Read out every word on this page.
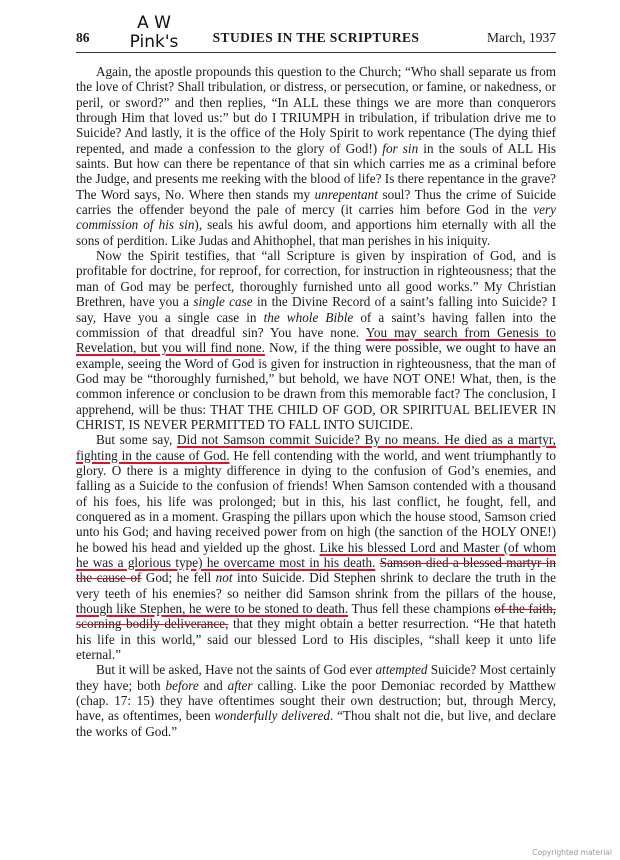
86	STUDIES IN THE SCRIPTURES	March, 1937
A W
Pink's

Again, the apostle propounds this question to the Church; “Who shall separate us from the love of Christ? Shall tribulation, or distress, or persecution, or famine, or nakedness, or peril, or sword?” and then replies, “In ALL these things we are more than conquerors through Him that loved us:” but do I TRIUMPH in tribulation, if tribulation drive me to Suicide? And lastly, it is the office of the Holy Spirit to work repentance (The dying thief repented, and made a confession to the glory of God!) for sin in the souls of ALL His saints. But how can there be repentance of that sin which carries me as a criminal before the Judge, and presents me reeking with the blood of life? Is there repentance in the grave? The Word says, No. Where then stands my unrepentant soul? Thus the crime of Suicide carries the offender beyond the pale of mercy (it carries him before God in the very commission of his sin), seals his awful doom, and apportions him eternally with all the sons of perdition. Like Judas and Ahithophel, that man perishes in his iniquity.

Now the Spirit testifies, that “all Scripture is given by inspiration of God, and is profitable for doctrine, for reproof, for correction, for instruction in righteousness; that the man of God may be perfect, thoroughly furnished unto all good works.” My Christian Brethren, have you a single case in the Divine Record of a saint’s falling into Suicide? I say, Have you a single case in the whole Bible of a saint’s having fallen into the commission of that dreadful sin? You have none. You may search from Genesis to Revelation, but you will find none. Now, if the thing were possible, we ought to have an example, seeing the Word of God is given for instruction in righteousness, that the man of God may be “thoroughly furnished,” but behold, we have NOT ONE! What, then, is the common inference or conclusion to be drawn from this memorable fact? The conclusion, I apprehend, will be thus: THAT THE CHILD OF GOD, OR SPIRITUAL BELIEVER IN CHRIST, IS NEVER PERMITTED TO FALL INTO SUICIDE.

But some say, Did not Samson commit Suicide? By no means. He died as a martyr, fighting in the cause of God. He fell contending with the world, and went triumphantly to glory. O there is a mighty difference in dying to the confusion of God’s enemies, and falling as a Suicide to the confusion of friends! When Samson contended with a thousand of his foes, his life was prolonged; but in this, his last conflict, he fought, fell, and conquered as in a moment. Grasping the pillars upon which the house stood, Samson cried unto his God; and having received power from on high (the sanction of the HOLY ONE!) he bowed his head and yielded up the ghost. Like his blessed Lord and Master (of whom he was a glorious type) he overcame most in his death. Samson died a blessed martyr in the cause of God; he fell not into Suicide. Did Stephen shrink to declare the truth in the very teeth of his enemies? so neither did Samson shrink from the pillars of the house, though like Stephen, he were to be stoned to death. Thus fell these champions of the faith, scorning bodily deliverance, that they might obtain a better resurrection. “He that hateth his life in this world,” said our blessed Lord to His disciples, “shall keep it unto life eternal.”

But it will be asked, Have not the saints of God ever attempted Suicide? Most certainly they have; both before and after calling. Like the poor Demoniac recorded by Matthew (chap. 17: 15) they have oftentimes sought their own destruction; but, through Mercy, have, as oftentimes, been wonderfully delivered. “Thou shalt not die, but live, and declare the works of God.”

Copyrighted material
